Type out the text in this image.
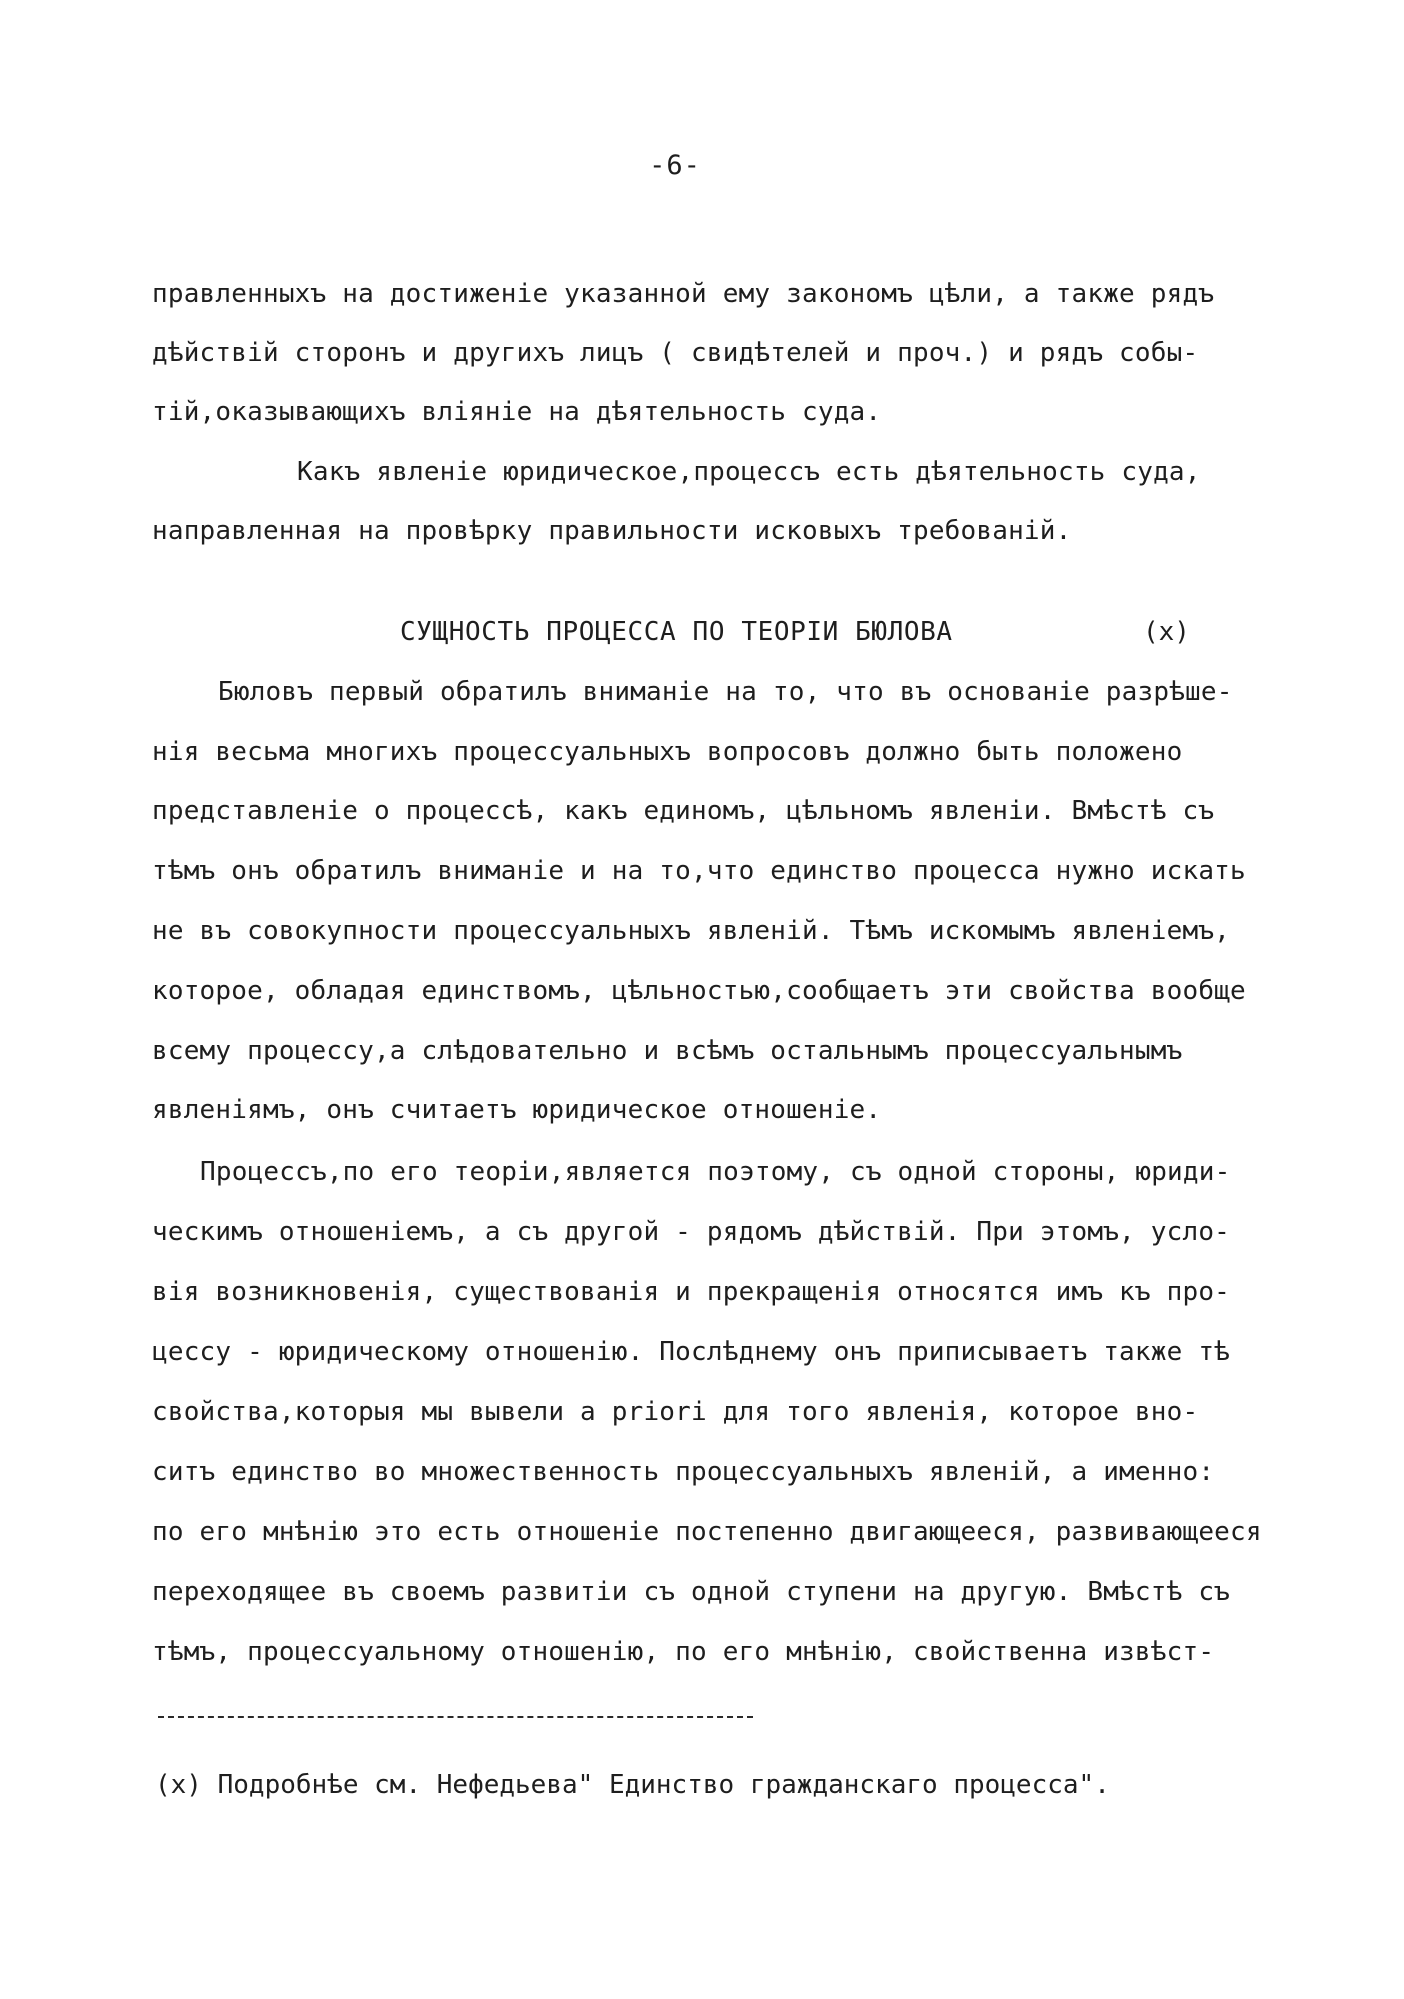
-6-
правленныхъ на достиженіе указанной ему закономъ цѣли, а также рядъ
дѣйствій сторонъ и другихъ лицъ ( свидѣтелей и проч.) и рядъ собы-
тій,оказывающихъ вліяніе на дѣятельность суда.
Какъ явленіе юридическое,процессъ есть дѣятельность суда,
направленная на провѣрку правильности исковыхъ требованій.
СУЩНОСТЬ ПРОЦЕССА ПО ТЕОРІИ БЮЛОВА	(х)
Бюловъ первый обратилъ вниманіе на то, что въ основаніе разрѣше-
нія весьма многихъ процессуальныхъ вопросовъ должно быть положено
представленіе о процессѣ, какъ единомъ, цѣльномъ явленіи. Вмѣстѣ съ
тѣмъ онъ обратилъ вниманіе и на то,что единство процесса нужно искать
не въ совокупности процессуальныхъ явленій. Тѣмъ искомымъ явленіемъ,
которое, обладая единствомъ, цѣльностью,сообщаетъ эти свойства вообще
всему процессу,а слѣдовательно и всѣмъ остальнымъ процессуальнымъ
явленіямъ, онъ считаетъ юридическое отношеніе.
Процессъ,по его теоріи,является поэтому, съ одной стороны, юриди-
ческимъ отношеніемъ, а съ другой - рядомъ дѣйствій. При этомъ, усло-
вія возникновенія, существованія и прекращенія относятся имъ къ про-
цессу - юридическому отношенію. Послѣднему онъ приписываетъ также тѣ
свойства,которыя мы вывели а priori для того явленія, которое вно-
ситъ единство во множественность процессуальныхъ явленій, а именно:
по его мнѣнію это есть отношеніе постепенно двигающееся, развивающееся
переходящее въ своемъ развитіи съ одной ступени на другую. Вмѣстѣ съ
тѣмъ, процессуальному отношенію, по его мнѣнію, свойственна извѣст-
(х) Подробнѣе см. Нефедьева" Единство гражданскаго процесса".
